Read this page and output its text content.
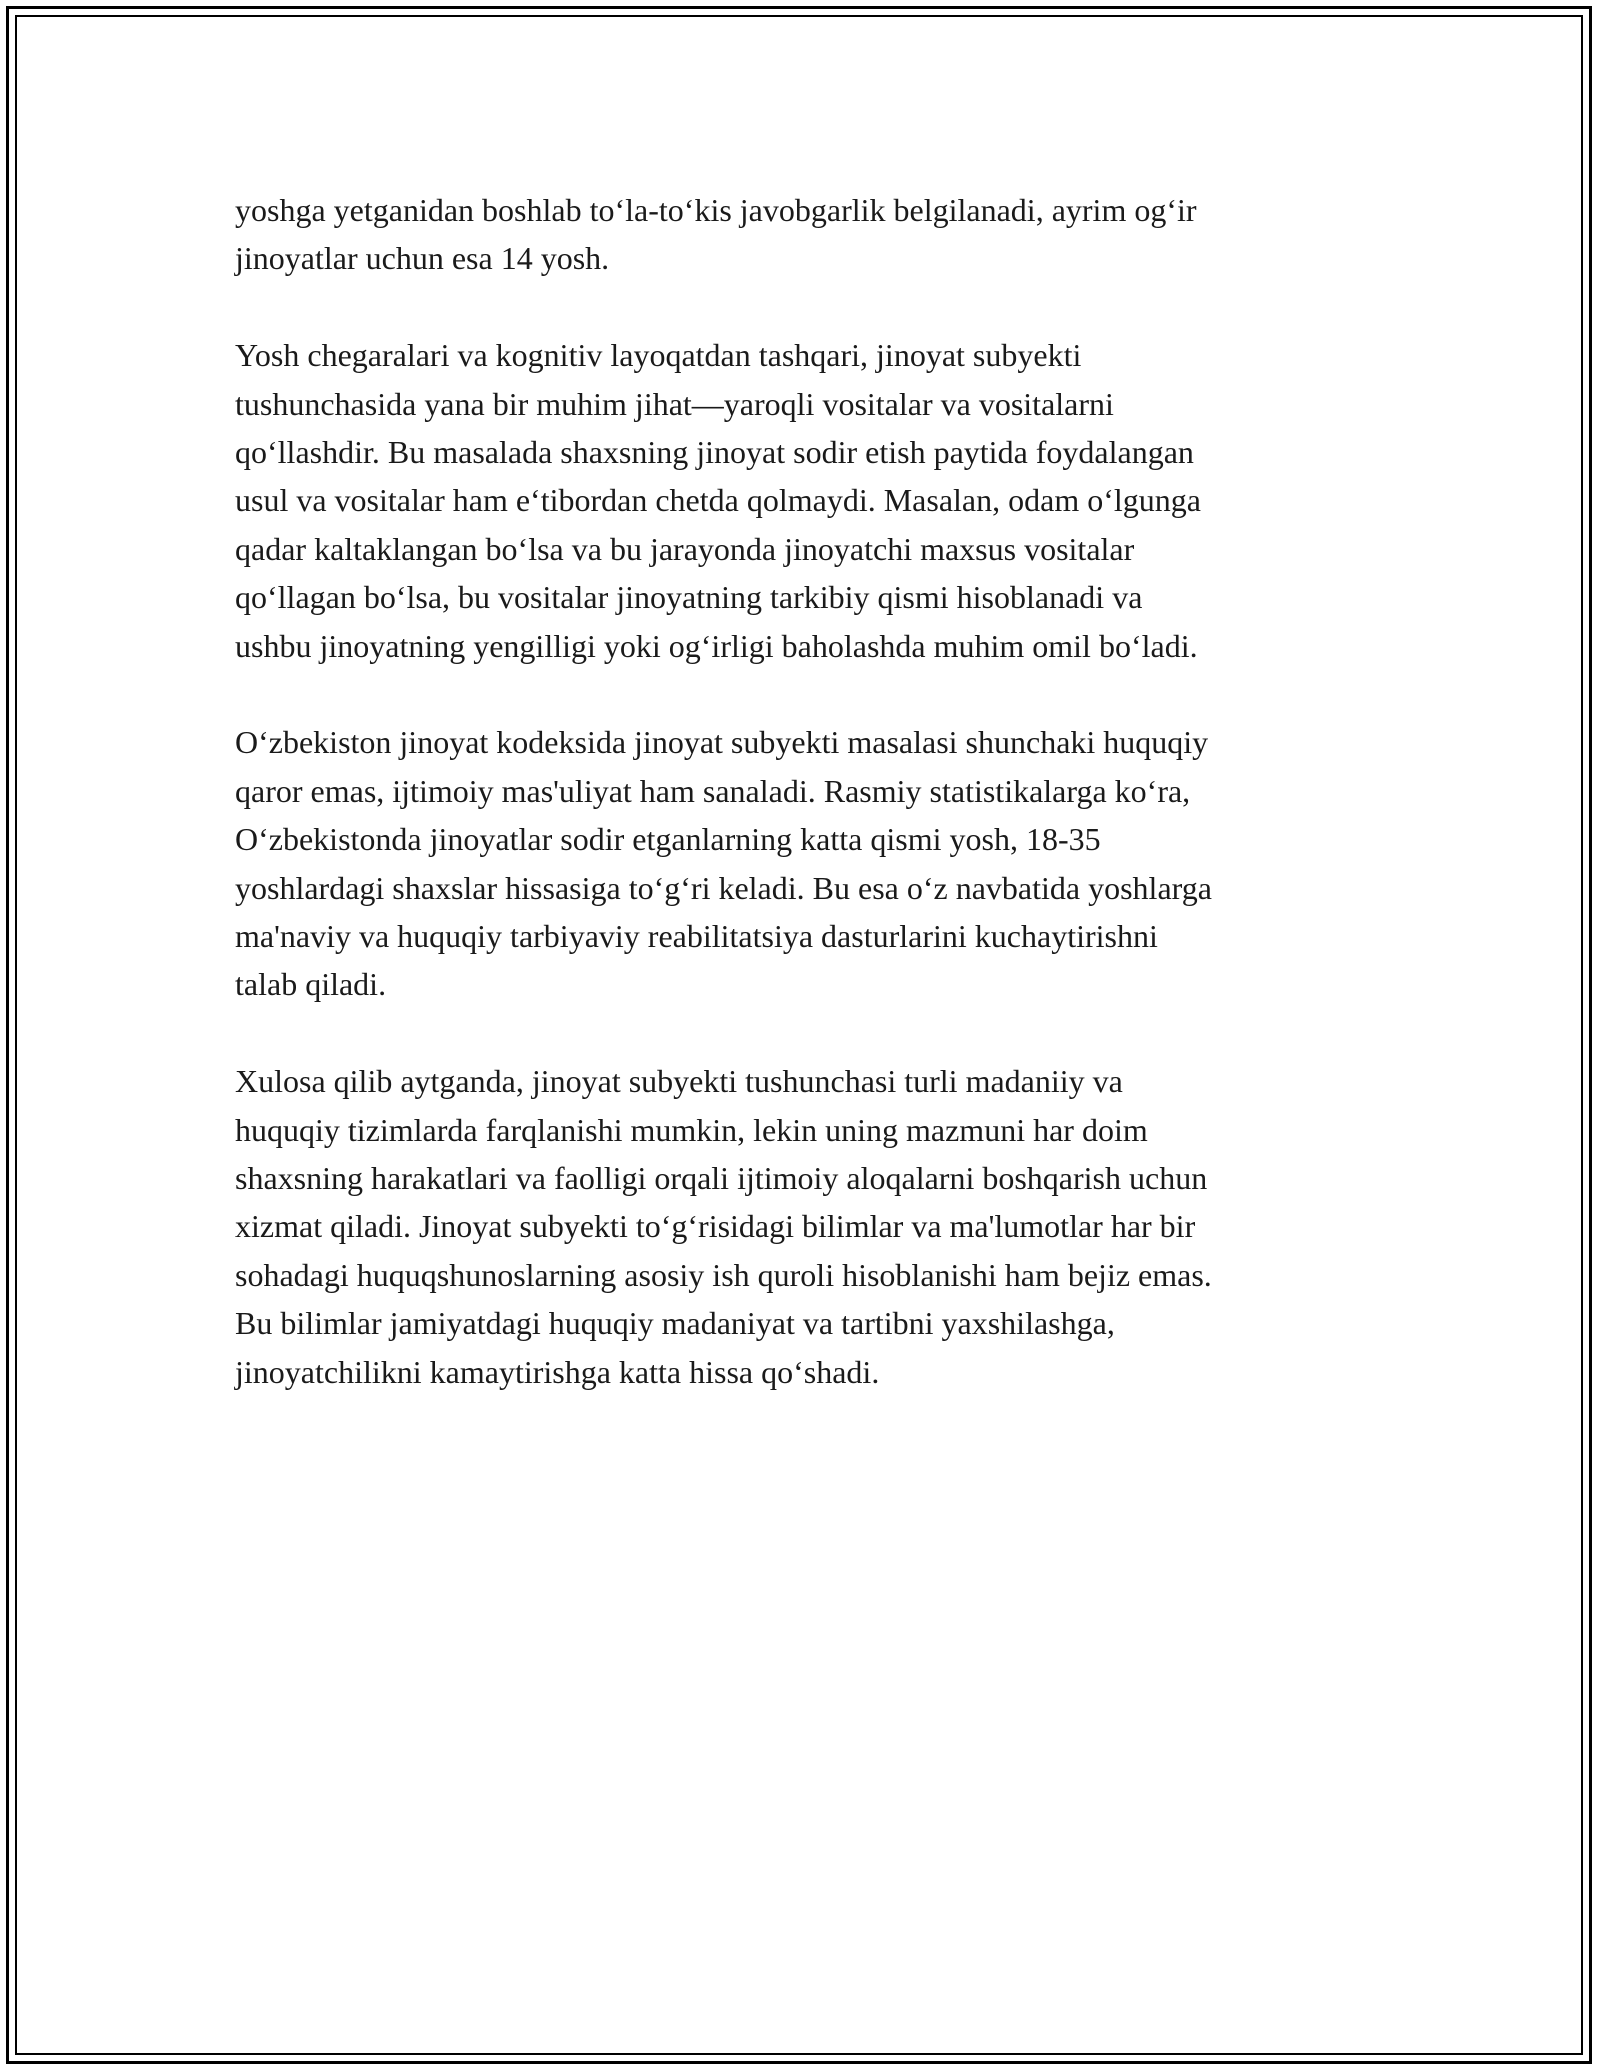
yoshga yetganidan boshlab to‘la-to‘kis javobgarlik belgilanadi, ayrim og‘ir
jinoyatlar uchun esa 14 yosh.

Yosh chegaralari va kognitiv layoqatdan tashqari, jinoyat subyekti
tushunchasida yana bir muhim jihat—yaroqli vositalar va vositalarni
qo‘llashdir. Bu masalada shaxsning jinoyat sodir etish paytida foydalangan
usul va vositalar ham e‘tibordan chetda qolmaydi. Masalan, odam o‘lgunga
qadar kaltaklangan bo‘lsa va bu jarayonda jinoyatchi maxsus vositalar
qo‘llagan bo‘lsa, bu vositalar jinoyatning tarkibiy qismi hisoblanadi va
ushbu jinoyatning yengilligi yoki og‘irligi baholashda muhim omil bo‘ladi.

O‘zbekiston jinoyat kodeksida jinoyat subyekti masalasi shunchaki huquqiy
qaror emas, ijtimoiy mas'uliyat ham sanaladi. Rasmiy statistikalarga ko‘ra,
O‘zbekistonda jinoyatlar sodir etganlarning katta qismi yosh, 18-35
yoshlardagi shaxslar hissasiga to‘g‘ri keladi. Bu esa o‘z navbatida yoshlarga
ma'naviy va huquqiy tarbiyaviy reabilitatsiya dasturlarini kuchaytirishni
talab qiladi.

Xulosa qilib aytganda, jinoyat subyekti tushunchasi turli madaniiy va
huquqiy tizimlarda farqlanishi mumkin, lekin uning mazmuni har doim
shaxsning harakatlari va faolligi orqali ijtimoiy aloqalarni boshqarish uchun
xizmat qiladi. Jinoyat subyekti to‘g‘risidagi bilimlar va ma'lumotlar har bir
sohadagi huquqshunoslarning asosiy ish quroli hisoblanishi ham bejiz emas.
Bu bilimlar jamiyatdagi huquqiy madaniyat va tartibni yaxshilashga,
jinoyatchilikni kamaytirishga katta hissa qo‘shadi.
